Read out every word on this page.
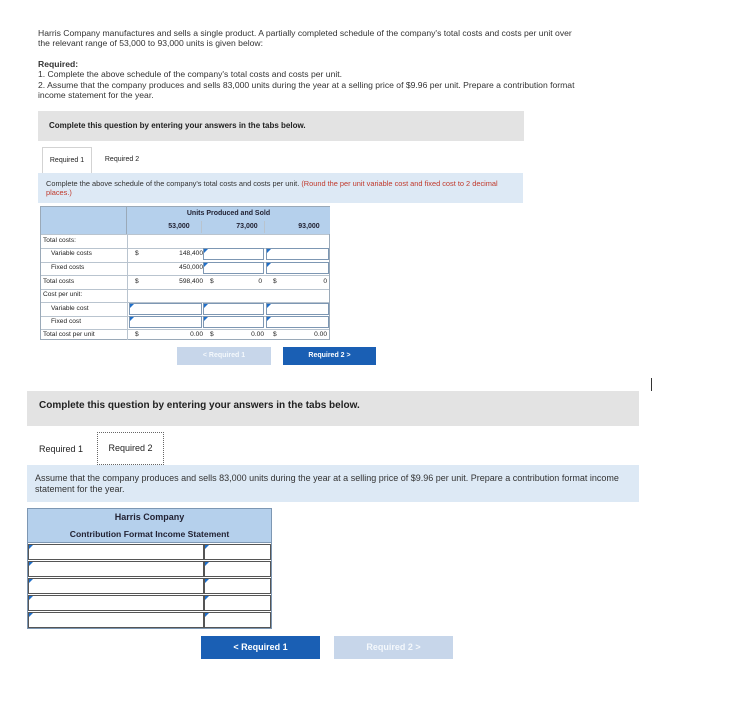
Harris Company manufactures and sells a single product. A partially completed schedule of the company's total costs and costs per unit over the relevant range of 53,000 to 93,000 units is given below:
Required:
1. Complete the above schedule of the company's total costs and costs per unit.
2. Assume that the company produces and sells 83,000 units during the year at a selling price of $9.96 per unit. Prepare a contribution format income statement for the year.
Complete this question by entering your answers in the tabs below.
Required 1	Required 2
Complete the above schedule of the company's total costs and costs per unit. (Round the per unit variable cost and fixed cost to 2 decimal places.)
Units Produced and Sold
53,000	73,000	93,000
Total costs:
Variable costs	$	148,400
Fixed costs	450,000
Total costs	$	598,400 $	0 $	0
Cost per unit:
Variable cost
Fixed cost
Total cost per unit	$	0.00 $	0.00 $	0.00
< Required 1	Required 2 >
Complete this question by entering your answers in the tabs below.
Required 1	Required 2
Assume that the company produces and sells 83,000 units during the year at a selling price of $9.96 per unit. Prepare a contribution format income statement for the year.
Harris Company
Contribution Format Income Statement
< Required 1	Required 2 >
